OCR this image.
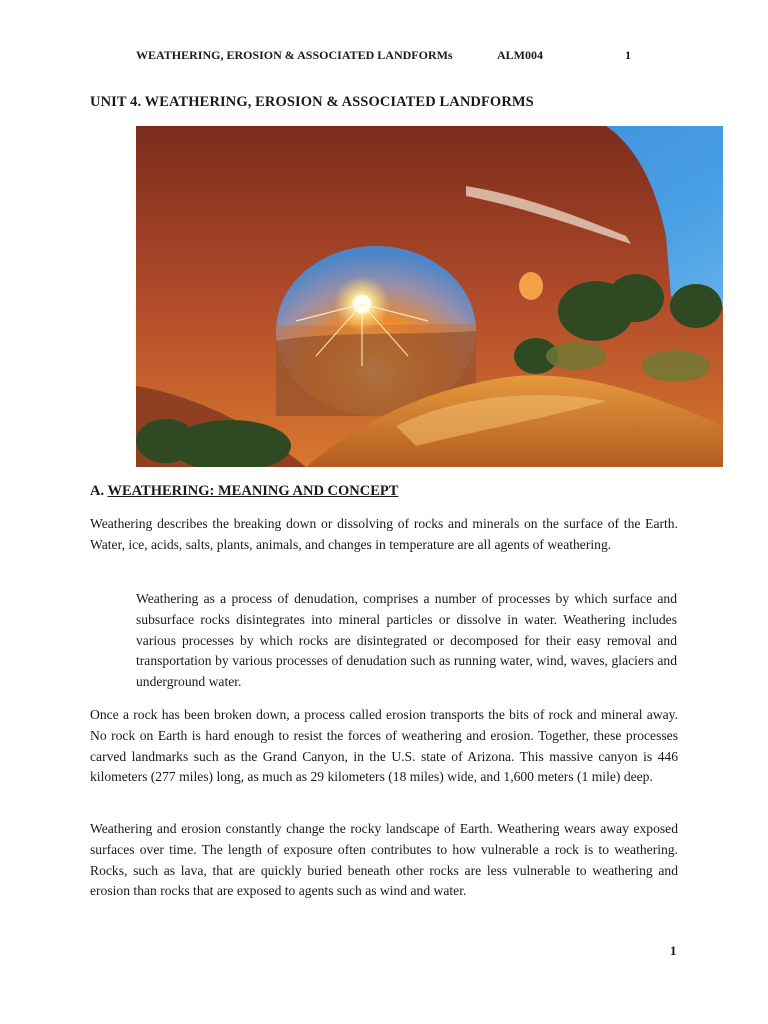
WEATHERING, EROSION & ASSOCIATED LANDFORMs	ALM004	1
UNIT 4. WEATHERING, EROSION & ASSOCIATED LANDFORMS
A. WEATHERING: MEANING AND CONCEPT

Weathering describes the breaking down or dissolving of rocks and minerals on the surface of the Earth. Water, ice, acids, salts, plants, animals, and changes in temperature are all agents of weathering.

Weathering as a process of denudation, comprises a number of processes by which surface and subsurface rocks disintegrates into mineral particles or dissolve in water. Weathering includes various processes by which rocks are disintegrated or decomposed for their easy removal and transportation by various processes of denudation such as running water, wind, waves, glaciers and underground water.

Once a rock has been broken down, a process called erosion transports the bits of rock and mineral away. No rock on Earth is hard enough to resist the forces of weathering and erosion. Together, these processes carved landmarks such as the Grand Canyon, in the U.S. state of Arizona. This massive canyon is 446 kilometers (277 miles) long, as much as 29 kilometers (18 miles) wide, and 1,600 meters (1 mile) deep.

Weathering and erosion constantly change the rocky landscape of Earth. Weathering wears away exposed surfaces over time. The length of exposure often contributes to how vulnerable a rock is to weathering. Rocks, such as lava, that are quickly buried beneath other rocks are less vulnerable to weathering and erosion than rocks that are exposed to agents such as wind and water.

1
